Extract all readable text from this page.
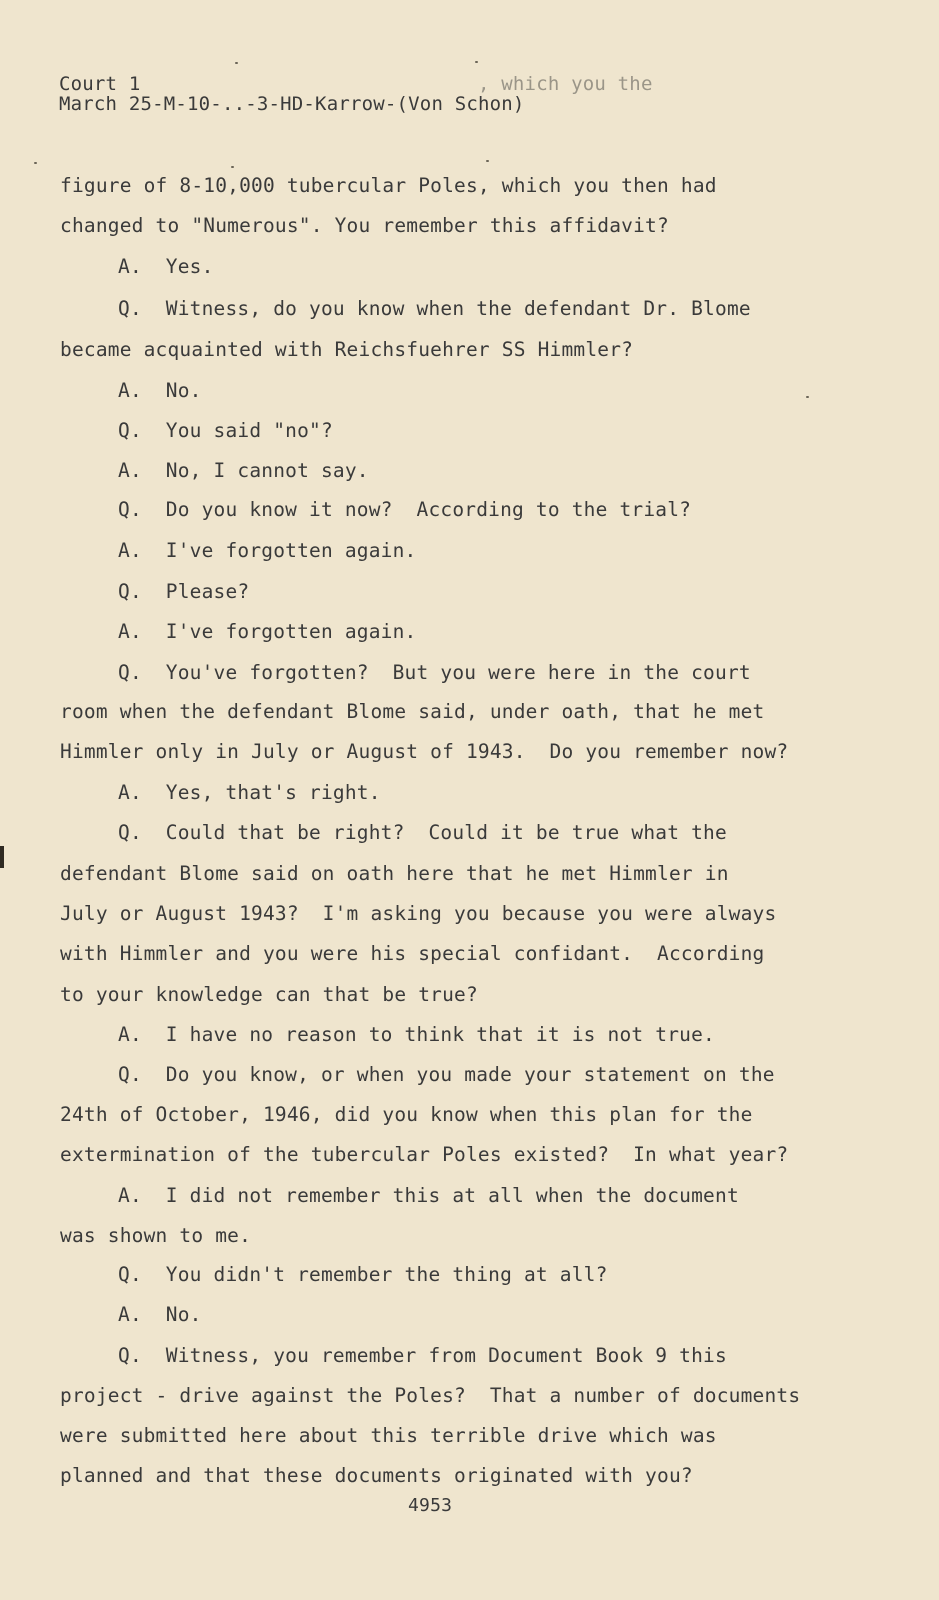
Court 1	, which you the
March 25-M-10-..-3-HD-Karrow-(Von Schon)
figure of 8-10,000 tubercular Poles, which you then had
changed to "Numerous". You remember this affidavit?
A.  Yes.
Q.  Witness, do you know when the defendant Dr. Blome
became acquainted with Reichsfuehrer SS Himmler?
A.  No.
Q.  You said "no"?
A.  No, I cannot say.
Q.  Do you know it now?  According to the trial?
A.  I've forgotten again.
Q.  Please?
A.  I've forgotten again.
Q.  You've forgotten?  But you were here in the court
room when the defendant Blome said, under oath, that he met
Himmler only in July or August of 1943.  Do you remember now?
A.  Yes, that's right.
Q.  Could that be right?  Could it be true what the
defendant Blome said on oath here that he met Himmler in
July or August 1943?  I'm asking you because you were always
with Himmler and you were his special confidant.  According
to your knowledge can that be true?
A.  I have no reason to think that it is not true.
Q.  Do you know, or when you made your statement on the
24th of October, 1946, did you know when this plan for the
extermination of the tubercular Poles existed?  In what year?
A.  I did not remember this at all when the document
was shown to me.
Q.  You didn't remember the thing at all?
A.  No.
Q.  Witness, you remember from Document Book 9 this
project - drive against the Poles?  That a number of documents
were submitted here about this terrible drive which was
planned and that these documents originated with you?
4953
